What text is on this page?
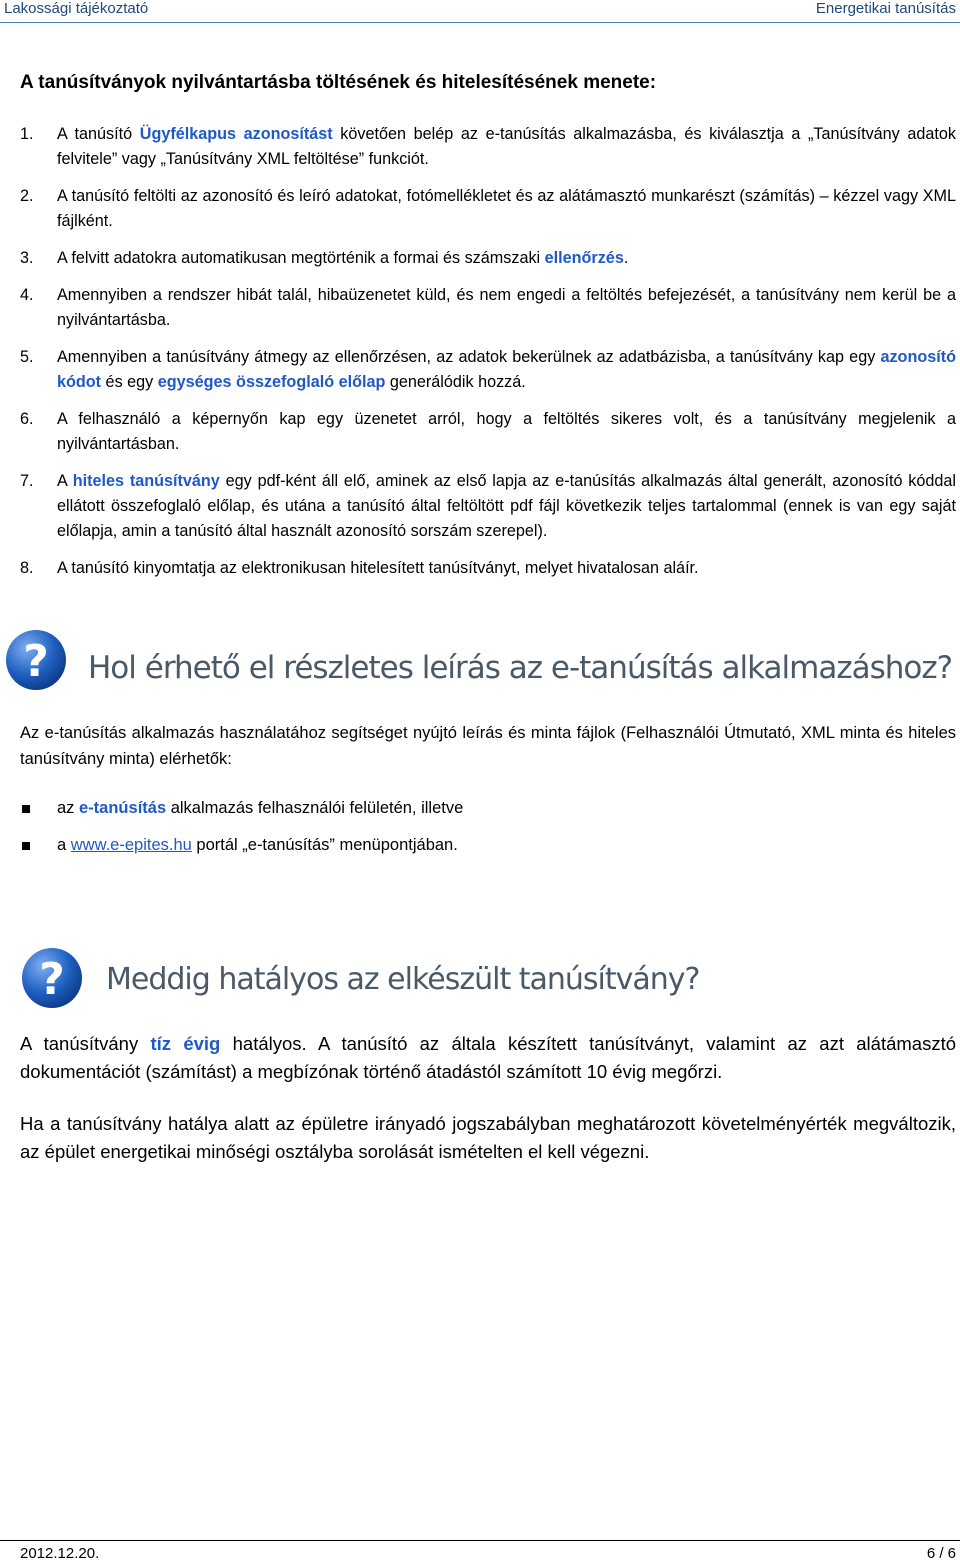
Lakossági tájékoztató	Energetikai tanúsítás
A tanúsítványok nyilvántartásba töltésének és hitelesítésének menete:
1. A tanúsító Ügyfélkapus azonosítást követően belép az e-tanúsítás alkalmazásba, és kiválasztja a „Tanúsítvány adatok felvitele” vagy „Tanúsítvány XML feltöltése” funkciót.
2. A tanúsító feltölti az azonosító és leíró adatokat, fotómellékletet és az alátámasztó munkarészt (számítás) – kézzel vagy XML fájlként.
3. A felvitt adatokra automatikusan megtörténik a formai és számszaki ellenőrzés.
4. Amennyiben a rendszer hibát talál, hibaüzenetet küld, és nem engedi a feltöltés befejezését, a tanúsítvány nem kerül be a nyilvántartásba.
5. Amennyiben a tanúsítvány átmegy az ellenőrzésen, az adatok bekerülnek az adatbázisba, a tanúsítvány kap egy azonosító kódot és egy egységes összefoglaló előlap generálódik hozzá.
6. A felhasználó a képernyőn kap egy üzenetet arról, hogy a feltöltés sikeres volt, és a tanúsítvány megjelenik a nyilvántartásban.
7. A hiteles tanúsítvány egy pdf-ként áll elő, aminek az első lapja az e-tanúsítás alkalmazás által generált, azonosító kóddal ellátott összefoglaló előlap, és utána a tanúsító által feltöltött pdf fájl következik teljes tartalommal (ennek is van egy saját előlapja, amin a tanúsító által használt azonosító sorszám szerepel).
8. A tanúsító kinyomtatja az elektronikusan hitelesített tanúsítványt, melyet hivatalosan aláír.
? Hol érhető el részletes leírás az e-tanúsítás alkalmazáshoz?
Az e-tanúsítás alkalmazás használatához segítséget nyújtó leírás és minta fájlok (Felhasználói Útmutató, XML minta és hiteles tanúsítvány minta) elérhetők:
az e-tanúsítás alkalmazás felhasználói felületén, illetve
a www.e-epites.hu portál „e-tanúsítás” menüpontjában.
? Meddig hatályos az elkészült tanúsítvány?
A tanúsítvány tíz évig hatályos. A tanúsító az általa készített tanúsítványt, valamint az azt alátámasztó dokumentációt (számítást) a megbízónak történő átadástól számított 10 évig megőrzi.
Ha a tanúsítvány hatálya alatt az épületre irányadó jogszabályban meghatározott követelményérték megváltozik, az épület energetikai minőségi osztályba sorolását ismételten el kell végezni.
2012.12.20.	6 / 6
